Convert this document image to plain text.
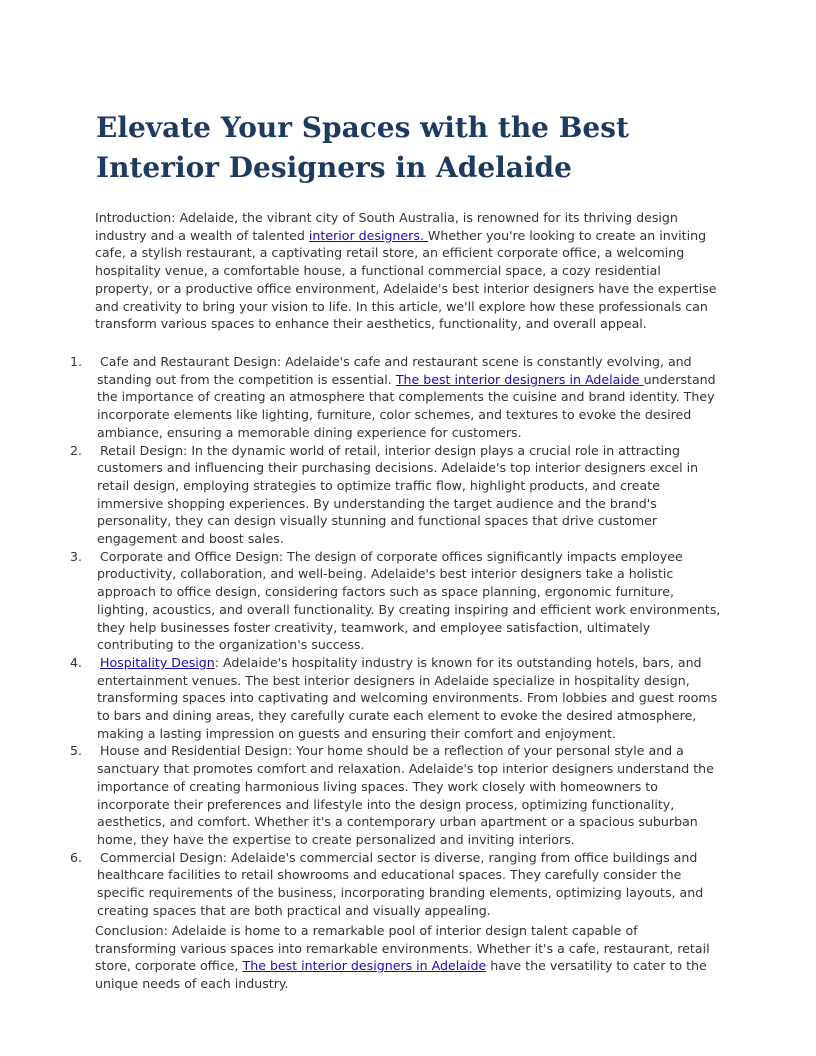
Elevate Your Spaces with the Best Interior Designers in Adelaide

Introduction: Adelaide, the vibrant city of South Australia, is renowned for its thriving design industry and a wealth of talented interior designers. Whether you're looking to create an inviting cafe, a stylish restaurant, a captivating retail store, an efficient corporate office, a welcoming hospitality venue, a comfortable house, a functional commercial space, a cozy residential property, or a productive office environment, Adelaide's best interior designers have the expertise and creativity to bring your vision to life. In this article, we'll explore how these professionals can transform various spaces to enhance their aesthetics, functionality, and overall appeal.

1. Cafe and Restaurant Design: Adelaide's cafe and restaurant scene is constantly evolving, and standing out from the competition is essential. The best interior designers in Adelaide understand the importance of creating an atmosphere that complements the cuisine and brand identity. They incorporate elements like lighting, furniture, color schemes, and textures to evoke the desired ambiance, ensuring a memorable dining experience for customers.
2. Retail Design: In the dynamic world of retail, interior design plays a crucial role in attracting customers and influencing their purchasing decisions. Adelaide's top interior designers excel in retail design, employing strategies to optimize traffic flow, highlight products, and create immersive shopping experiences. By understanding the target audience and the brand's personality, they can design visually stunning and functional spaces that drive customer engagement and boost sales.
3. Corporate and Office Design: The design of corporate offices significantly impacts employee productivity, collaboration, and well-being. Adelaide's best interior designers take a holistic approach to office design, considering factors such as space planning, ergonomic furniture, lighting, acoustics, and overall functionality. By creating inspiring and efficient work environments, they help businesses foster creativity, teamwork, and employee satisfaction, ultimately contributing to the organization's success.
4. Hospitality Design: Adelaide's hospitality industry is known for its outstanding hotels, bars, and entertainment venues. The best interior designers in Adelaide specialize in hospitality design, transforming spaces into captivating and welcoming environments. From lobbies and guest rooms to bars and dining areas, they carefully curate each element to evoke the desired atmosphere, making a lasting impression on guests and ensuring their comfort and enjoyment.
5. House and Residential Design: Your home should be a reflection of your personal style and a sanctuary that promotes comfort and relaxation. Adelaide's top interior designers understand the importance of creating harmonious living spaces. They work closely with homeowners to incorporate their preferences and lifestyle into the design process, optimizing functionality, aesthetics, and comfort. Whether it's a contemporary urban apartment or a spacious suburban home, they have the expertise to create personalized and inviting interiors.
6. Commercial Design: Adelaide's commercial sector is diverse, ranging from office buildings and healthcare facilities to retail showrooms and educational spaces. They carefully consider the specific requirements of the business, incorporating branding elements, optimizing layouts, and creating spaces that are both practical and visually appealing.

Conclusion: Adelaide is home to a remarkable pool of interior design talent capable of transforming various spaces into remarkable environments. Whether it's a cafe, restaurant, retail store, corporate office, The best interior designers in Adelaide have the versatility to cater to the unique needs of each industry.
